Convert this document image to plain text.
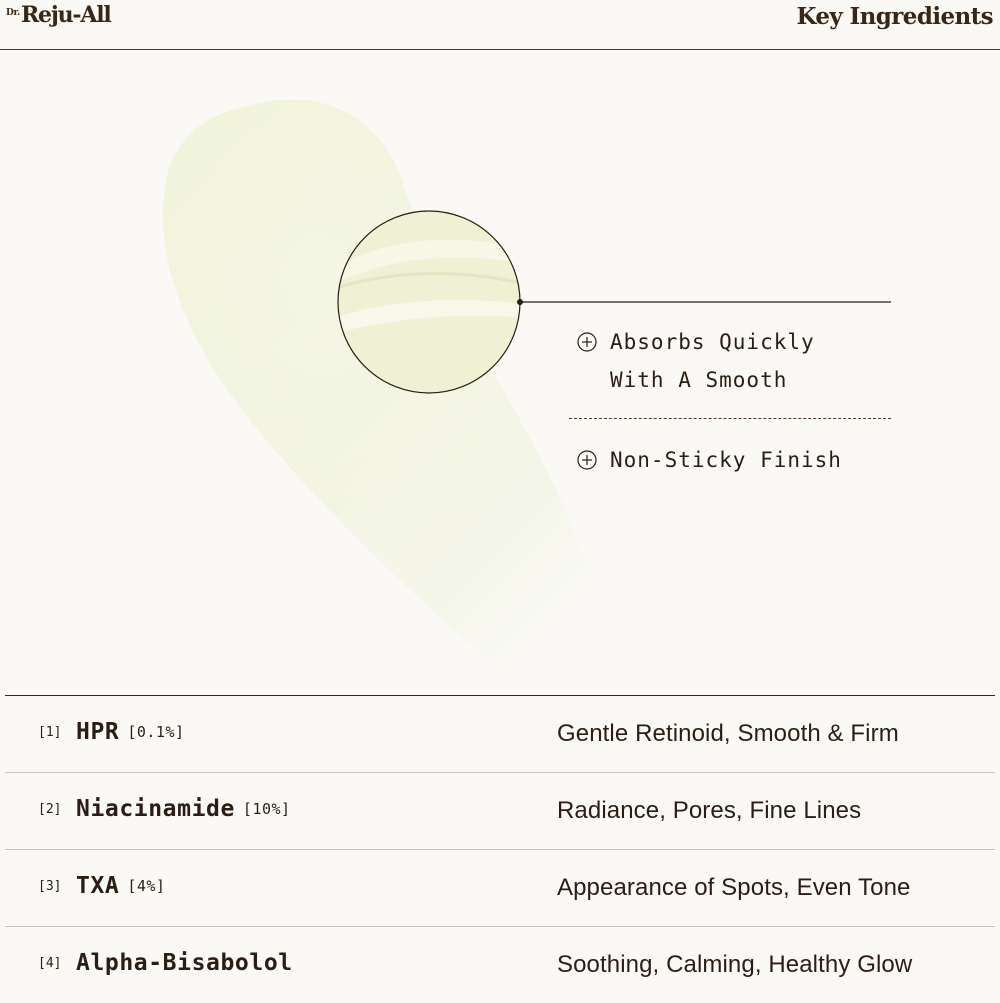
Dr. Reju-All	Key Ingredients
Absorbs Quickly
With A Smooth
Non-Sticky Finish
[1] HPR [0.1%]	Gentle Retinoid, Smooth & Firm
[2] Niacinamide [10%]	Radiance, Pores, Fine Lines
[3] TXA [4%]	Appearance of Spots, Even Tone
[4] Alpha-Bisabolol	Soothing, Calming, Healthy Glow
